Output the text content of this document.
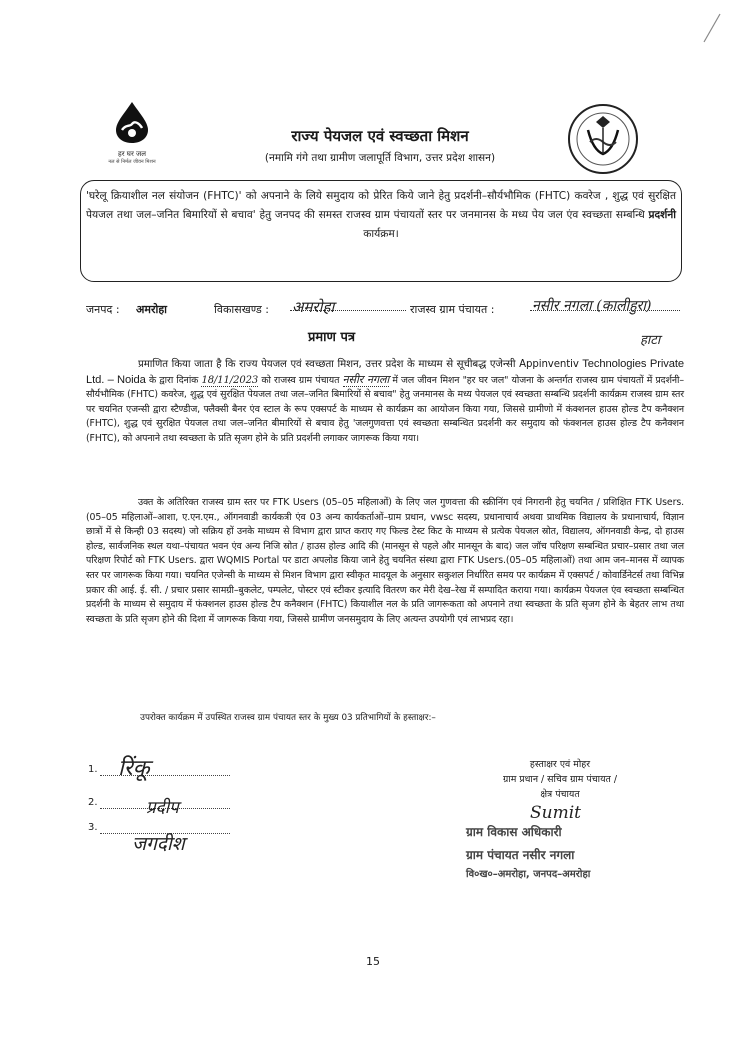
हर घर जल
नल से निर्मल जीवन मिशन
राज्य पेयजल एवं स्वच्छता मिशन
(नमामि गंगे तथा ग्रामीण जलापूर्ति विभाग, उत्तर प्रदेश शासन)
'घरेलू क्रियाशील नल संयोजन (FHTC)' को अपनाने के लिये समुदाय को प्रेरित किये जाने हेतु प्रदर्शनी–सौर्यभौमिक (FHTC) कवरेज , शुद्ध एवं सुरक्षित पेयजल तथा जल–जनित बिमारियों से बचाव' हेतु जनपद की समस्त राजस्व ग्राम पंचायतों स्तर पर जनमानस के मध्य पेय जल एंव स्वच्छता सम्बन्धि प्रदर्शनी कार्यक्रम।
जनपद : अमरोहा	विकासखण्ड : अमरोहा	राजस्व ग्राम पंचायत :	नसीर नगला (कालीहुरा)
हाटा
प्रमाण पत्र
प्रमाणित किया जाता है कि राज्य पेयजल एवं स्वच्छता मिशन, उत्तर प्रदेश के माध्यम से सूचीबद्ध एजेन्सी Appinventiv Technologies Private Ltd. – Noida के द्वारा दिनांक 18/11/2023 को राजस्व ग्राम पंचायत नसीर नगला में जल जीवन मिशन "हर घर जल" योजना के अन्तर्गत राजस्व ग्राम पंचायतों में प्रदर्शनी–सौर्यभौमिक (FHTC) कवरेज, शुद्ध एवं सुरक्षित पेयजल तथा जल–जनित बिमारियों से बचाव" हेतु जनमानस के मध्य पेयजल एवं स्वच्छता सम्बन्धि प्रदर्शनी कार्यक्रम राजस्व ग्राम स्तर पर चयनित एजन्सी द्वारा स्टैण्डीज, फ्लैक्सी बैनर एंव स्टाल के रूप एक्सपर्ट के माध्यम से कार्यक्रम का आयोजन किया गया, जिससे ग्रामीणो में कंक्शनल हाउस होल्ड टैप कनैक्शन (FHTC), शुद्ध एवं सुरक्षित पेयजल तथा जल–जनित बीमारियों से बचाव हेतु 'जलगुणवत्ता एवं स्वच्छता सम्बन्धित प्रदर्शनी कर समुदाय को फंक्शनल हाउस होल्ड टैप कनैक्शन (FHTC), को अपनाने तथा स्वच्छता के प्रति सृजग होने के प्रति प्रदर्शनी लगाकर जागरूक किया गया।
उक्त के अतिरिक्त राजस्व ग्राम स्तर पर FTK Users (05–05 महिलाओं) के लिए जल गुणवत्ता की स्क्रीनिंग एवं निगरानी हेतु चयनित / प्रशिक्षित FTK Users.(05–05 महिलाओं–आशा, ए.एन.एम., ऑगनवाडी कार्यकत्री एंव 03 अन्य कार्यकर्ताओं–ग्राम प्रधान, vwsc सदस्य, प्रधानाचार्य अथवा प्राथमिक विद्यालय के प्रधानाचार्य, विज्ञान छात्रों में से किन्ही 03 सदस्य) जो सक्रिय हों उनके माध्यम से विभाग द्वारा प्राप्त कराए गए फिल्ड टेस्ट किट के माध्यम से प्रत्येक पेयजल स्रोत, विद्यालय, ऑगनवाडी केन्द्र, दो हाउस होल्ड, सार्वजनिक स्थल यथा–पंचायत भवन एंव अन्य निजि स्रोत / हाउस होल्ड आदि की (मानसून से पहले और मानसून के बाद) जल जॉच परिक्षण सम्बन्धित प्रचार–प्रसार तथा जल परिक्षण रिपोर्ट को FTK Users. द्वारा WQMIS Portal पर डाटा अपलोड किया जाने हेतु चयनित संस्था द्वारा FTK Users.(05–05 महिलाओं) तथा आम जन–मानस में व्यापक स्तर पर जागरूक किया गया। चयनित एजेन्सी के माध्यम से मिशन विभाग द्वारा स्वीकृत मादयूल के अनुसार सकुशल निर्धारित समय पर कार्यक्रम में एक्सपर्ट / कोवार्डिनेटर्स तथा विभिन्न प्रकार की आई. ई. सी. / प्रचार प्रसार सामग्री–बुकलेट, पम्पलेट, पोस्टर एवं स्टीकर इत्यादि वितरण कर मेरी देख–रेख में सम्पादित कराया गया। कार्यक्रम पेयजल एंव स्वच्छता सम्बन्धित प्रदर्शनी के माध्यम से समुदाय में फंक्शनल हाउस होल्ड टैप कनैक्शन (FHTC) कियाशील नल के प्रति जागरूकता को अपनाने तथा स्वच्छता के प्रति सृजग होने के बेहतर लाभ तथा स्वच्छता के प्रति सृजग होने की दिशा में जागरूक किया गया, जिससे ग्रामीण जनसमुदाय के लिए अत्यन्त उपयोगी एवं लाभप्रद रहा।
उपरोक्त कार्यक्रम में उपस्थित राजस्व ग्राम पंचायत स्तर के मुख्य 03 प्रतिभागियों के हस्ताक्षर:–
1. रिंकू
2.	प्रदीप
3.
जगदीश
हस्ताक्षर एवं मोहर
ग्राम प्रधान / सचिव ग्राम पंचायत /
क्षेत्र पंचायत
Sumit
ग्राम विकास अधिकारी
ग्राम पंचायत नसीर नगला
वि०ख०–अमरोहा, जनपद–अमरोहा
15
